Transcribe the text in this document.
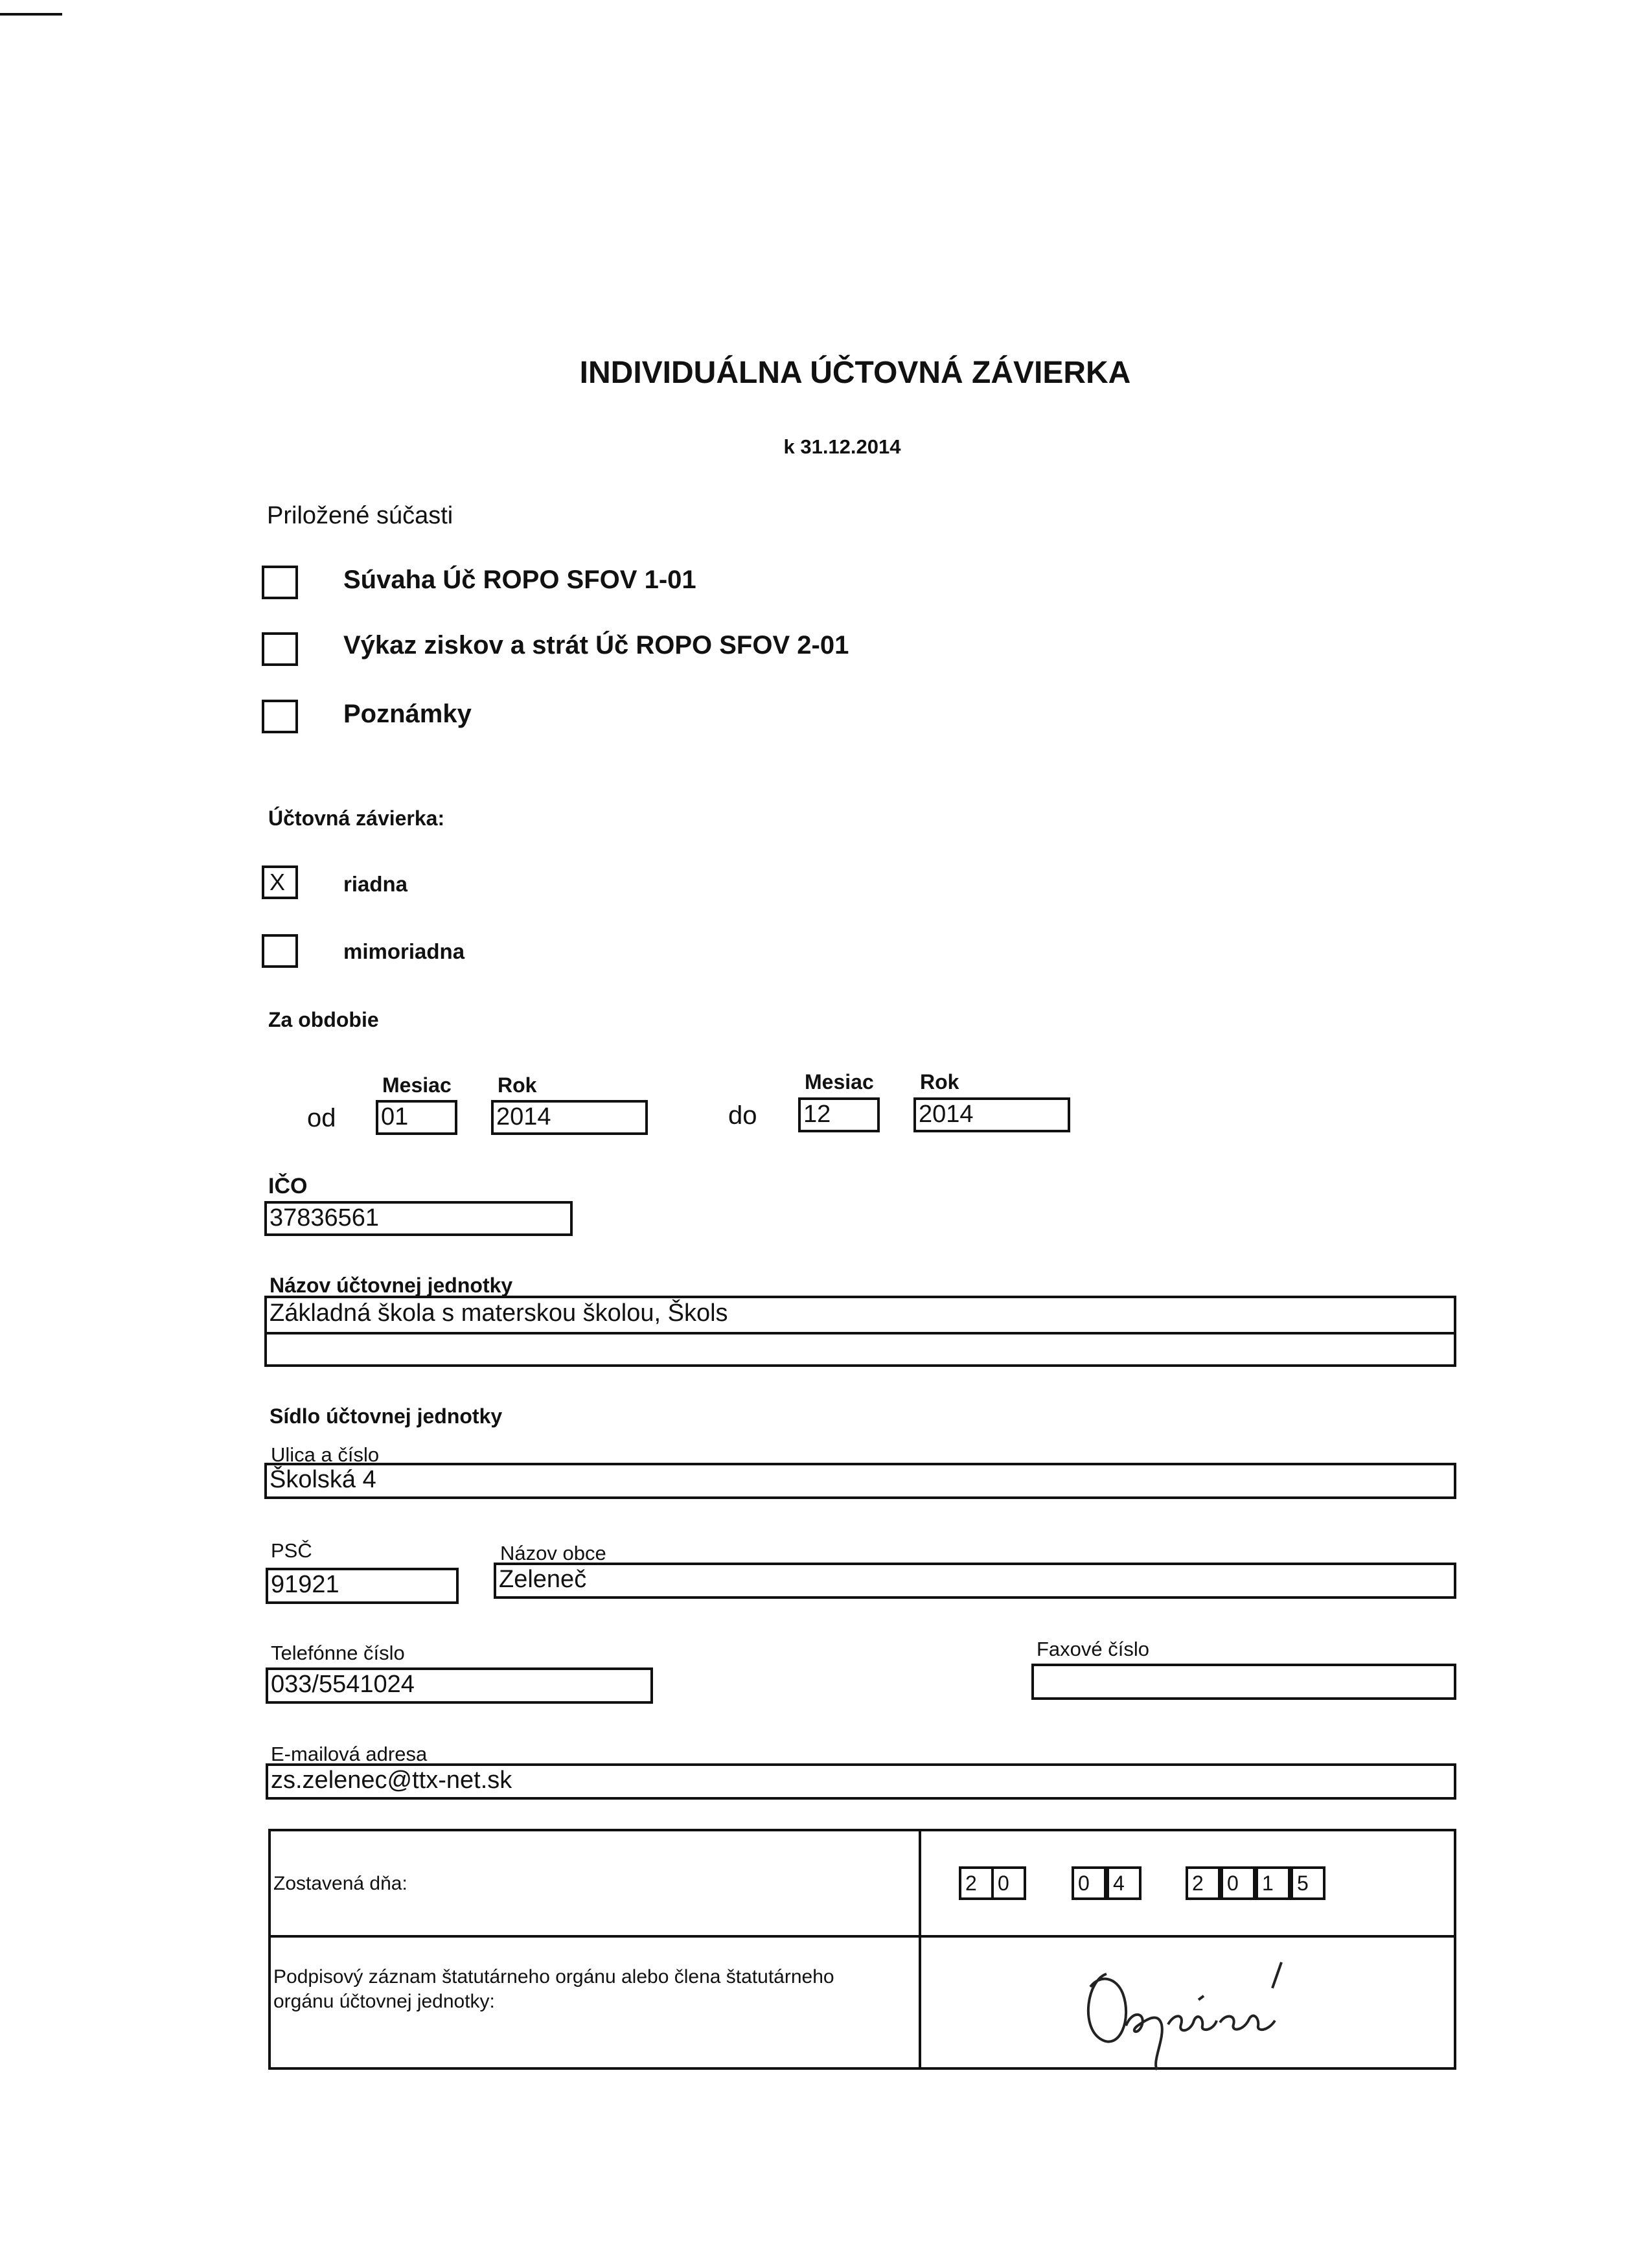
INDIVIDUÁLNA ÚČTOVNÁ ZÁVIERKA
k 31.12.2014
Priložené súčasti
Súvaha Úč ROPO SFOV 1-01
Výkaz ziskov a strát Úč ROPO SFOV 2-01
Poznámky
Účtovná závierka:
X	riadna
mimoriadna
Za obdobie
Mesiac Rok
od 01	2014
Mesiac Rok
do 12	2014
IČO
37836561
Názov účtovnej jednotky
Základná škola s materskou školou, Škols
Sídlo účtovnej jednotky
Ulica a číslo
Školská 4
PSČ
91921
Názov obce
Zeleneč
Telefónne číslo
033/5541024
Faxové číslo
E-mailová adresa
zs.zelenec@ttx-net.sk
Zostavená dňa:	2	0	0	4	2	0	1	5
Podpisový záznam štatutárneho orgánu alebo člena štatutárneho orgánu účtovnej jednotky:
